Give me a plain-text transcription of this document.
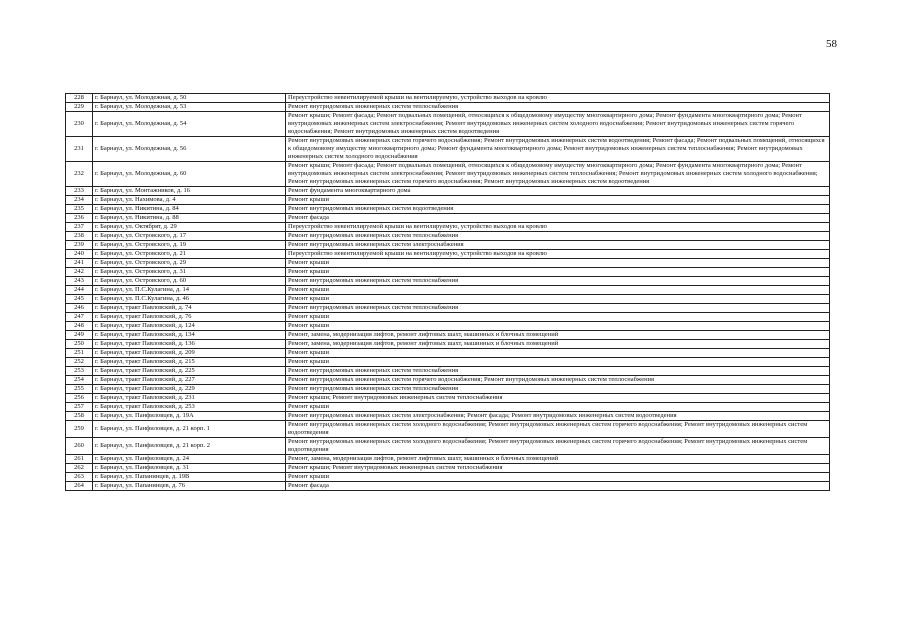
58
228	г. Барнаул, ул. Молодежная, д. 50	Переустройство невентилируемой крыши на вентилируемую, устройство выходов на кровлю
229	г. Барнаул, ул. Молодежная, д. 53	Ремонт внутридомовых инженерных систем теплоснабжения
230	г. Барнаул, ул. Молодежная, д. 54	Ремонт крыши; Ремонт фасада; Ремонт подвальных помещений, относящихся к общедомовому имуществу многоквартирного дома; Ремонт фундамента многоквартирного дома; Ремонт внутридомовых инженерных систем электроснабжения; Ремонт внутридомовых инженерных систем холодного водоснабжения; Ремонт внутридомовых инженерных систем горячего водоснабжения; Ремонт внутридомовых инженерных систем водоотведения
231	г. Барнаул, ул. Молодежная, д. 56	Ремонт внутридомовых инженерных систем горячего водоснабжения; Ремонт внутридомовых инженерных систем водоотведения; Ремонт фасада; Ремонт подвальных помещений, относящихся к общедомовому имуществу многоквартирного дома; Ремонт фундамента многоквартирного дома; Ремонт внутридомовых инженерных систем теплоснабжения; Ремонт внутридомовых инженерных систем холодного водоснабжения
232	г. Барнаул, ул. Молодежная, д. 60	Ремонт крыши; Ремонт фасада; Ремонт подвальных помещений, относящихся к общедомовому имуществу многоквартирного дома; Ремонт фундамента многоквартирного дома; Ремонт внутридомовых инженерных систем электроснабжения; Ремонт внутридомовых инженерных систем теплоснабжения; Ремонт внутридомовых инженерных систем холодного водоснабжения; Ремонт внутридомовых инженерных систем горячего водоснабжения; Ремонт внутридомовых инженерных систем водоотведения
233	г. Барнаул, ул. Монтажников, д. 16	Ремонт фундамента многоквартирного дома
234	г. Барнаул, ул. Нахимова, д. 4	Ремонт крыши
235	г. Барнаул, ул. Никитина, д. 84	Ремонт внутридомовых инженерных систем водоотведения
236	г. Барнаул, ул. Никитина, д. 88	Ремонт фасада
237	г. Барнаул, ул. Октябрят, д. 29	Переустройство невентилируемой крыши на вентилируемую, устройство выходов на кровлю
238	г. Барнаул, ул. Островского, д. 17	Ремонт внутридомовых инженерных систем теплоснабжения
239	г. Барнаул, ул. Островского, д. 19	Ремонт внутридомовых инженерных систем электроснабжения
240	г. Барнаул, ул. Островского, д. 21	Переустройство невентилируемой крыши на вентилируемую, устройство выходов на кровлю
241	г. Барнаул, ул. Островского, д. 29	Ремонт крыши
242	г. Барнаул, ул. Островского, д. 31	Ремонт крыши
243	г. Барнаул, ул. Островского, д. 60	Ремонт внутридомовых инженерных систем теплоснабжения
244	г. Барнаул, ул. П.С.Кулагина, д. 14	Ремонт крыши
245	г. Барнаул, ул. П.С.Кулагина, д. 46	Ремонт крыши
246	г. Барнаул, тракт Павловский, д. 74	Ремонт внутридомовых инженерных систем теплоснабжения
247	г. Барнаул, тракт Павловский, д. 76	Ремонт крыши
248	г. Барнаул, тракт Павловский, д. 124	Ремонт крыши
249	г. Барнаул, тракт Павловский, д. 134	Ремонт, замена, модернизация лифтов, ремонт лифтовых шахт, машинных и блочных помещений
250	г. Барнаул, тракт Павловский, д. 136	Ремонт, замена, модернизация лифтов, ремонт лифтовых шахт, машинных и блочных помещений
251	г. Барнаул, тракт Павловский, д. 209	Ремонт крыши
252	г. Барнаул, тракт Павловский, д. 215	Ремонт крыши
253	г. Барнаул, тракт Павловский, д. 225	Ремонт внутридомовых инженерных систем теплоснабжения
254	г. Барнаул, тракт Павловский, д. 227	Ремонт внутридомовых инженерных систем горячего водоснабжения; Ремонт внутридомовых инженерных систем теплоснабжения
255	г. Барнаул, тракт Павловский, д. 229	Ремонт внутридомовых инженерных систем теплоснабжения
256	г. Барнаул, тракт Павловский, д. 231	Ремонт крыши; Ремонт внутридомовых инженерных систем теплоснабжения
257	г. Барнаул, тракт Павловский, д. 253	Ремонт крыши
258	г. Барнаул, ул. Панфиловцев, д. 19А	Ремонт внутридомовых инженерных систем электроснабжения; Ремонт фасада; Ремонт внутридомовых инженерных систем водоотведения
259	г. Барнаул, ул. Панфиловцев, д. 21 корп. 1	Ремонт внутридомовых инженерных систем холодного водоснабжения; Ремонт внутридомовых инженерных систем горячего водоснабжения; Ремонт внутридомовых инженерных систем водоотведения
260	г. Барнаул, ул. Панфиловцев, д. 21 корп. 2	Ремонт внутридомовых инженерных систем холодного водоснабжения; Ремонт внутридомовых инженерных систем горячего водоснабжения; Ремонт внутридомовых инженерных систем водоотведения
261	г. Барнаул, ул. Панфиловцев, д. 24	Ремонт, замена, модернизация лифтов, ремонт лифтовых шахт, машинных и блочных помещений
262	г. Барнаул, ул. Панфиловцев, д. 31	Ремонт крыши; Ремонт внутридомовых инженерных систем теплоснабжения
263	г. Барнаул, ул. Папанинцев, д. 19В	Ремонт крыши
264	г. Барнаул, ул. Папанинцев, д. 76	Ремонт фасада
